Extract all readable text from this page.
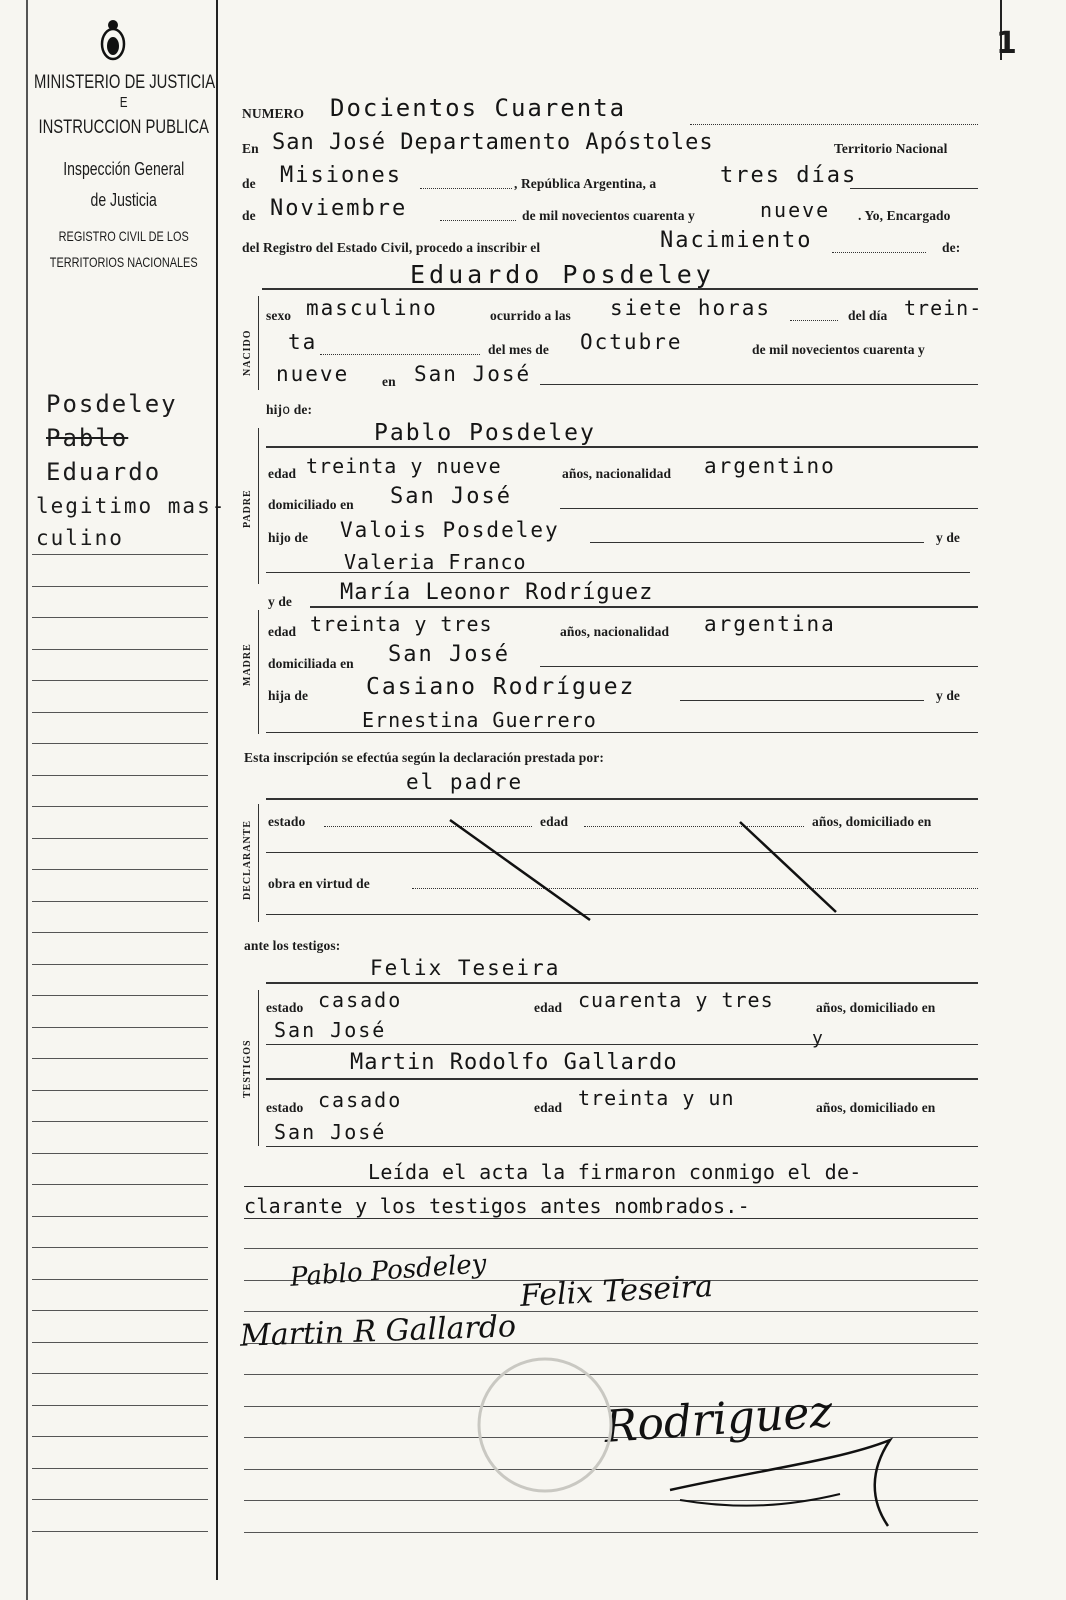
1
MINISTERIO DE JUSTICIA
E
INSTRUCCION PUBLICA
Inspección General
de Justicia
REGISTRO CIVIL DE LOS
TERRITORIOS NACIONALES
Posdeley
Pablo
Eduardo
legitimo mas-
culino
NUMERO Docientos Cuarenta
En San José Departamento Apóstoles	Territorio Nacional
de Misiones	, República Argentina, a	tres días
de Noviembre	de mil novecientos cuarenta y	nueve . Yo, Encargado
del Registro del Estado Civil, procedo a inscribir el	Nacimiento	de:
Eduardo Posdeley
NACIDO
sexo masculino	ocurrido a las siete horas	del día trein-
ta	del mes de Octubre	de mil novecientos cuarenta y
nueve en San José
hijo de:
PADRE
Pablo Posdeley
edad treinta y nueve	años, nacionalidad argentino
domiciliado en San José
hijo de Valois Posdeley	y de
Valeria Franco
y de María Leonor Rodríguez
MADRE
edad treinta y tres	años, nacionalidad argentina
domiciliada en San José
hija de	Casiano Rodríguez	y de
Ernestina Guerrero
Esta inscripción se efectúa según la declaración prestada por:
el padre
DECLARANTE estado	edad	años, domiciliado en
obra en virtud de
ante los testigos:
Felix Teseira
TESTIGOS
estado casado	edad cuarenta y tres	años, domiciliado en
San José	y
Martin Rodolfo Gallardo
estado casado	edad treinta y un	años, domiciliado en
San José
Leída el acta la firmaron conmigo el de-
clarante y los testigos antes nombrados.-
Pablo Posdeley Felix Teseira
Martin R Gallardo
Rodriguez
